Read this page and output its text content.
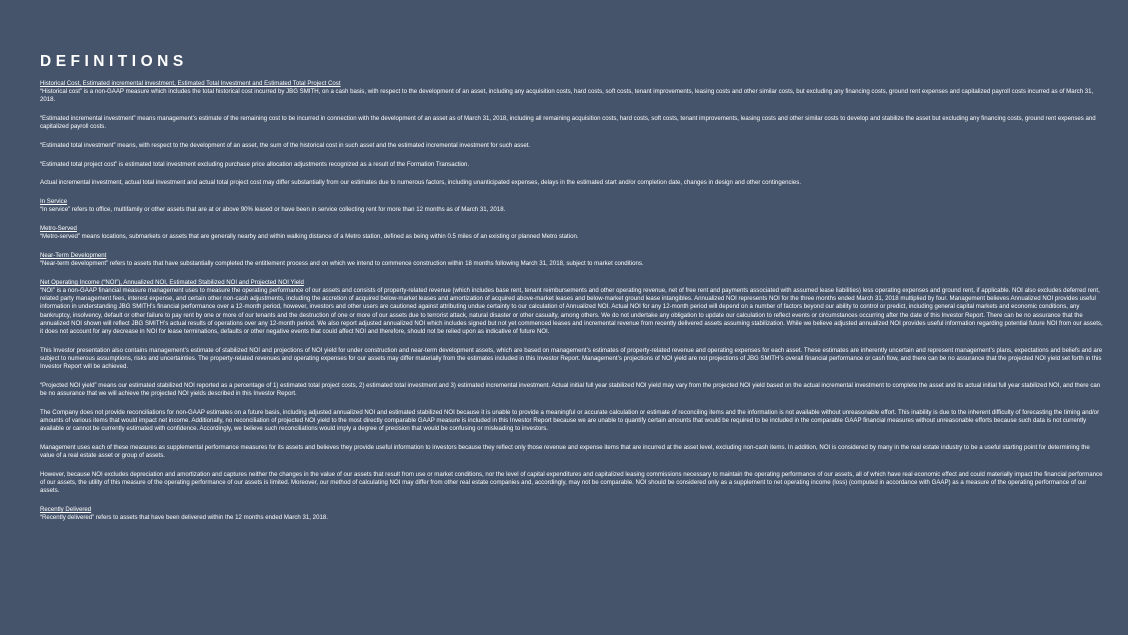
DEFINITIONS
Historical Cost, Estimated incremental investment, Estimated Total Investment and Estimated Total Project Cost

“Historical cost” is a non-GAAP measure which includes the total historical cost incurred by JBG SMITH, on a cash basis, with respect to the development of an asset, including any acquisition costs, hard costs, soft costs, tenant improvements, leasing costs and other similar costs, but excluding any financing costs, ground rent expenses and capitalized payroll costs incurred as of March 31, 2018.

“Estimated incremental investment” means management’s estimate of the remaining cost to be incurred in connection with the development of an asset as of March 31, 2018, including all remaining acquisition costs, hard costs, soft costs, tenant improvements, leasing costs and other similar costs to develop and stabilize the asset but excluding any financing costs, ground rent expenses and capitalized payroll costs.

“Estimated total investment” means, with respect to the development of an asset, the sum of the historical cost in such asset and the estimated incremental investment for such asset.

“Estimated total project cost” is estimated total investment excluding purchase price allocation adjustments recognized as a result of the Formation Transaction.

Actual incremental investment, actual total investment and actual total project cost may differ substantially from our estimates due to numerous factors, including unanticipated expenses, delays in the estimated start and/or completion date, changes in design and other contingencies.

In Service

“In service” refers to office, multifamily or other assets that are at or above 90% leased or have been in service collecting rent for more than 12 months as of March 31, 2018.

Metro-Served

“Metro-served” means locations, submarkets or assets that are generally nearby and within walking distance of a Metro station, defined as being within 0.5 miles of an existing or planned Metro station.

Near-Term Development

“Near-term development” refers to assets that have substantially completed the entitlement process and on which we intend to commence construction within 18 months following March 31, 2018, subject to market conditions.

Net Operating Income (“NOI”), Annualized NOI, Estimated Stabilized NOI and Projected NOI Yield

“NOI” is a non-GAAP financial measure management uses to measure the operating performance of our assets and consists of property-related revenue (which includes base rent, tenant reimbursements and other operating revenue, net of free rent and payments associated with assumed lease liabilities) less operating expenses and ground rent, if applicable. NOI also excludes deferred rent, related party management fees, interest expense, and certain other non-cash adjustments, including the accretion of acquired below-market leases and amortization of acquired above-market leases and below-market ground lease intangibles. Annualized NOI represents NOI for the three months ended March 31, 2018 multiplied by four. Management believes Annualized NOI provides useful information in understanding JBG SMITH’s financial performance over a 12-month period, however, investors and other users are cautioned against attributing undue certainty to our calculation of Annualized NOI. Actual NOI for any 12-month period will depend on a number of factors beyond our ability to control or predict, including general capital markets and economic conditions, any bankruptcy, insolvency, default or other failure to pay rent by one or more of our tenants and the destruction of one or more of our assets due to terrorist attack, natural disaster or other casualty, among others. We do not undertake any obligation to update our calculation to reflect events or circumstances occurring after the date of this Investor Report. There can be no assurance that the annualized NOI shown will reflect JBG SMITH’s actual results of operations over any 12-month period. We also report adjusted annualized NOI which includes signed but not yet commenced leases and incremental revenue from recently delivered assets assuming stabilization. While we believe adjusted annualized NOI provides useful information regarding potential future NOI from our assets, it does not account for any decrease in NOI for lease terminations, defaults or other negative events that could affect NOI and therefore, should not be relied upon as indicative of future NOI.

This Investor presentation also contains management’s estimate of stabilized NOI and projections of NOI yield for under construction and near-term development assets, which are based on management’s estimates of property-related revenue and operating expenses for each asset. These estimates are inherently uncertain and represent management’s plans, expectations and beliefs and are subject to numerous assumptions, risks and uncertainties. The property-related revenues and operating expenses for our assets may differ materially from the estimates included in this Investor Report. Management’s projections of NOI yield are not projections of JBG SMITH’s overall financial performance or cash flow, and there can be no assurance that the projected NOI yield set forth in this Investor Report will be achieved.

“Projected NOI yield” means our estimated stabilized NOI reported as a percentage of 1) estimated total project costs, 2) estimated total investment and 3) estimated incremental investment. Actual initial full year stabilized NOI yield may vary from the projected NOI yield based on the actual incremental investment to complete the asset and its actual initial full year stabilized NOI, and there can be no assurance that we will achieve the projected NOI yields described in this Investor Report.

The Company does not provide reconciliations for non-GAAP estimates on a future basis, including adjusted annualized NOI and estimated stabilized NOI because it is unable to provide a meaningful or accurate calculation or estimate of reconciling items and the information is not available without unreasonable effort. This inability is due to the inherent difficulty of forecasting the timing and/or amounts of various items that would impact net income. Additionally, no reconciliation of projected NOI yield to the most directly comparable GAAP measure is included in this Investor Report because we are unable to quantify certain amounts that would be required to be included in the comparable GAAP financial measures without unreasonable efforts because such data is not currently available or cannot be currently estimated with confidence. Accordingly, we believe such reconciliations would imply a degree of precision that would be confusing or misleading to investors.

Management uses each of these measures as supplemental performance measures for its assets and believes they provide useful information to investors because they reflect only those revenue and expense items that are incurred at the asset level, excluding non-cash items. In addition, NOI is considered by many in the real estate industry to be a useful starting point for determining the value of a real estate asset or group of assets.

However, because NOI excludes depreciation and amortization and captures neither the changes in the value of our assets that result from use or market conditions, nor the level of capital expenditures and capitalized leasing commissions necessary to maintain the operating performance of our assets, all of which have real economic effect and could materially impact the financial performance of our assets, the utility of this measure of the operating performance of our assets is limited. Moreover, our method of calculating NOI may differ from other real estate companies and, accordingly, may not be comparable. NOI should be considered only as a supplement to net operating income (loss) (computed in accordance with GAAP) as a measure of the operating performance of our assets.

Recently Delivered

“Recently delivered” refers to assets that have been delivered within the 12 months ended March 31, 2018.
